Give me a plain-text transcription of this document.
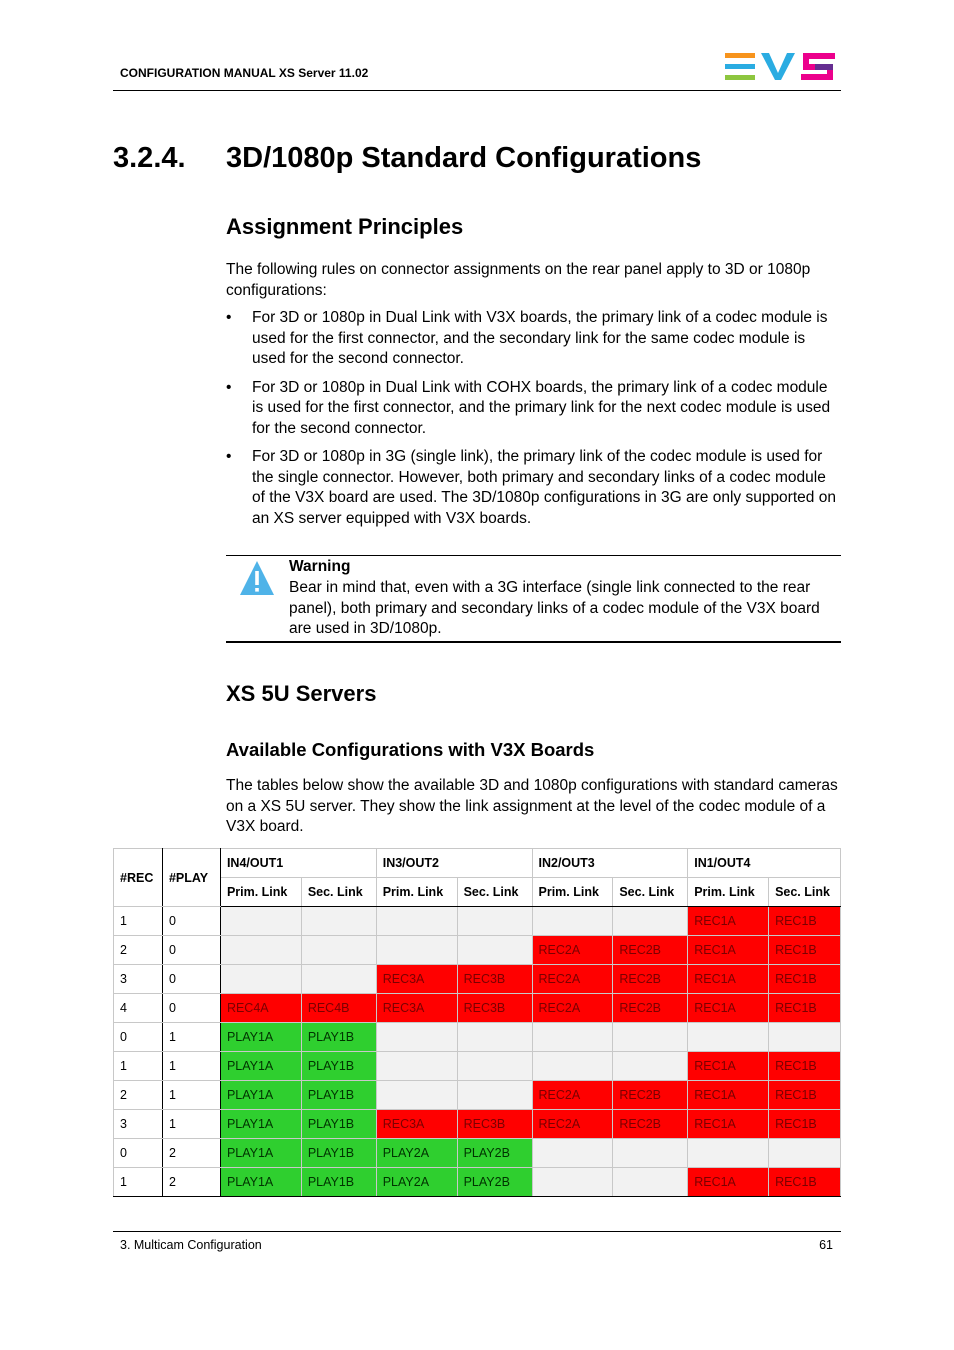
CONFIGURATION MANUAL XS Server 11.02
3.2.4. 3D/1080p Standard Configurations
Assignment Principles
The following rules on connector assignments on the rear panel apply to 3D or 1080p configurations:
• For 3D or 1080p in Dual Link with V3X boards, the primary link of a codec module is used for the first connector, and the secondary link for the same codec module is used for the second connector.
• For 3D or 1080p in Dual Link with COHX boards, the primary link of a codec module is used for the first connector, and the primary link for the next codec module is used for the second connector.
• For 3D or 1080p in 3G (single link), the primary link of the codec module is used for the single connector. However, both primary and secondary links of a codec module of the V3X board are used. The 3D/1080p configurations in 3G are only supported on an XS server equipped with V3X boards.
Warning
Bear in mind that, even with a 3G interface (single link connected to the rear panel), both primary and secondary links of a codec module of the V3X board are used in 3D/1080p.
XS 5U Servers
Available Configurations with V3X Boards
The tables below show the available 3D and 1080p configurations with standard cameras on a XS 5U server. They show the link assignment at the level of the codec module of a V3X board.
#REC	#PLAY	IN4/OUT1		IN3/OUT2		IN2/OUT3		IN1/OUT4	
		Prim. Link	Sec. Link	Prim. Link	Sec. Link	Prim. Link	Sec. Link	Prim. Link	Sec. Link
1	0							REC1A	REC1B
2	0					REC2A	REC2B	REC1A	REC1B
3	0			REC3A	REC3B	REC2A	REC2B	REC1A	REC1B
4	0	REC4A	REC4B	REC3A	REC3B	REC2A	REC2B	REC1A	REC1B
0	1	PLAY1A	PLAY1B						
1	1	PLAY1A	PLAY1B					REC1A	REC1B
2	1	PLAY1A	PLAY1B			REC2A	REC2B	REC1A	REC1B
3	1	PLAY1A	PLAY1B	REC3A	REC3B	REC2A	REC2B	REC1A	REC1B
0	2	PLAY1A	PLAY1B	PLAY2A	PLAY2B				
1	2	PLAY1A	PLAY1B	PLAY2A	PLAY2B			REC1A	REC1B
3. Multicam Configuration	61
